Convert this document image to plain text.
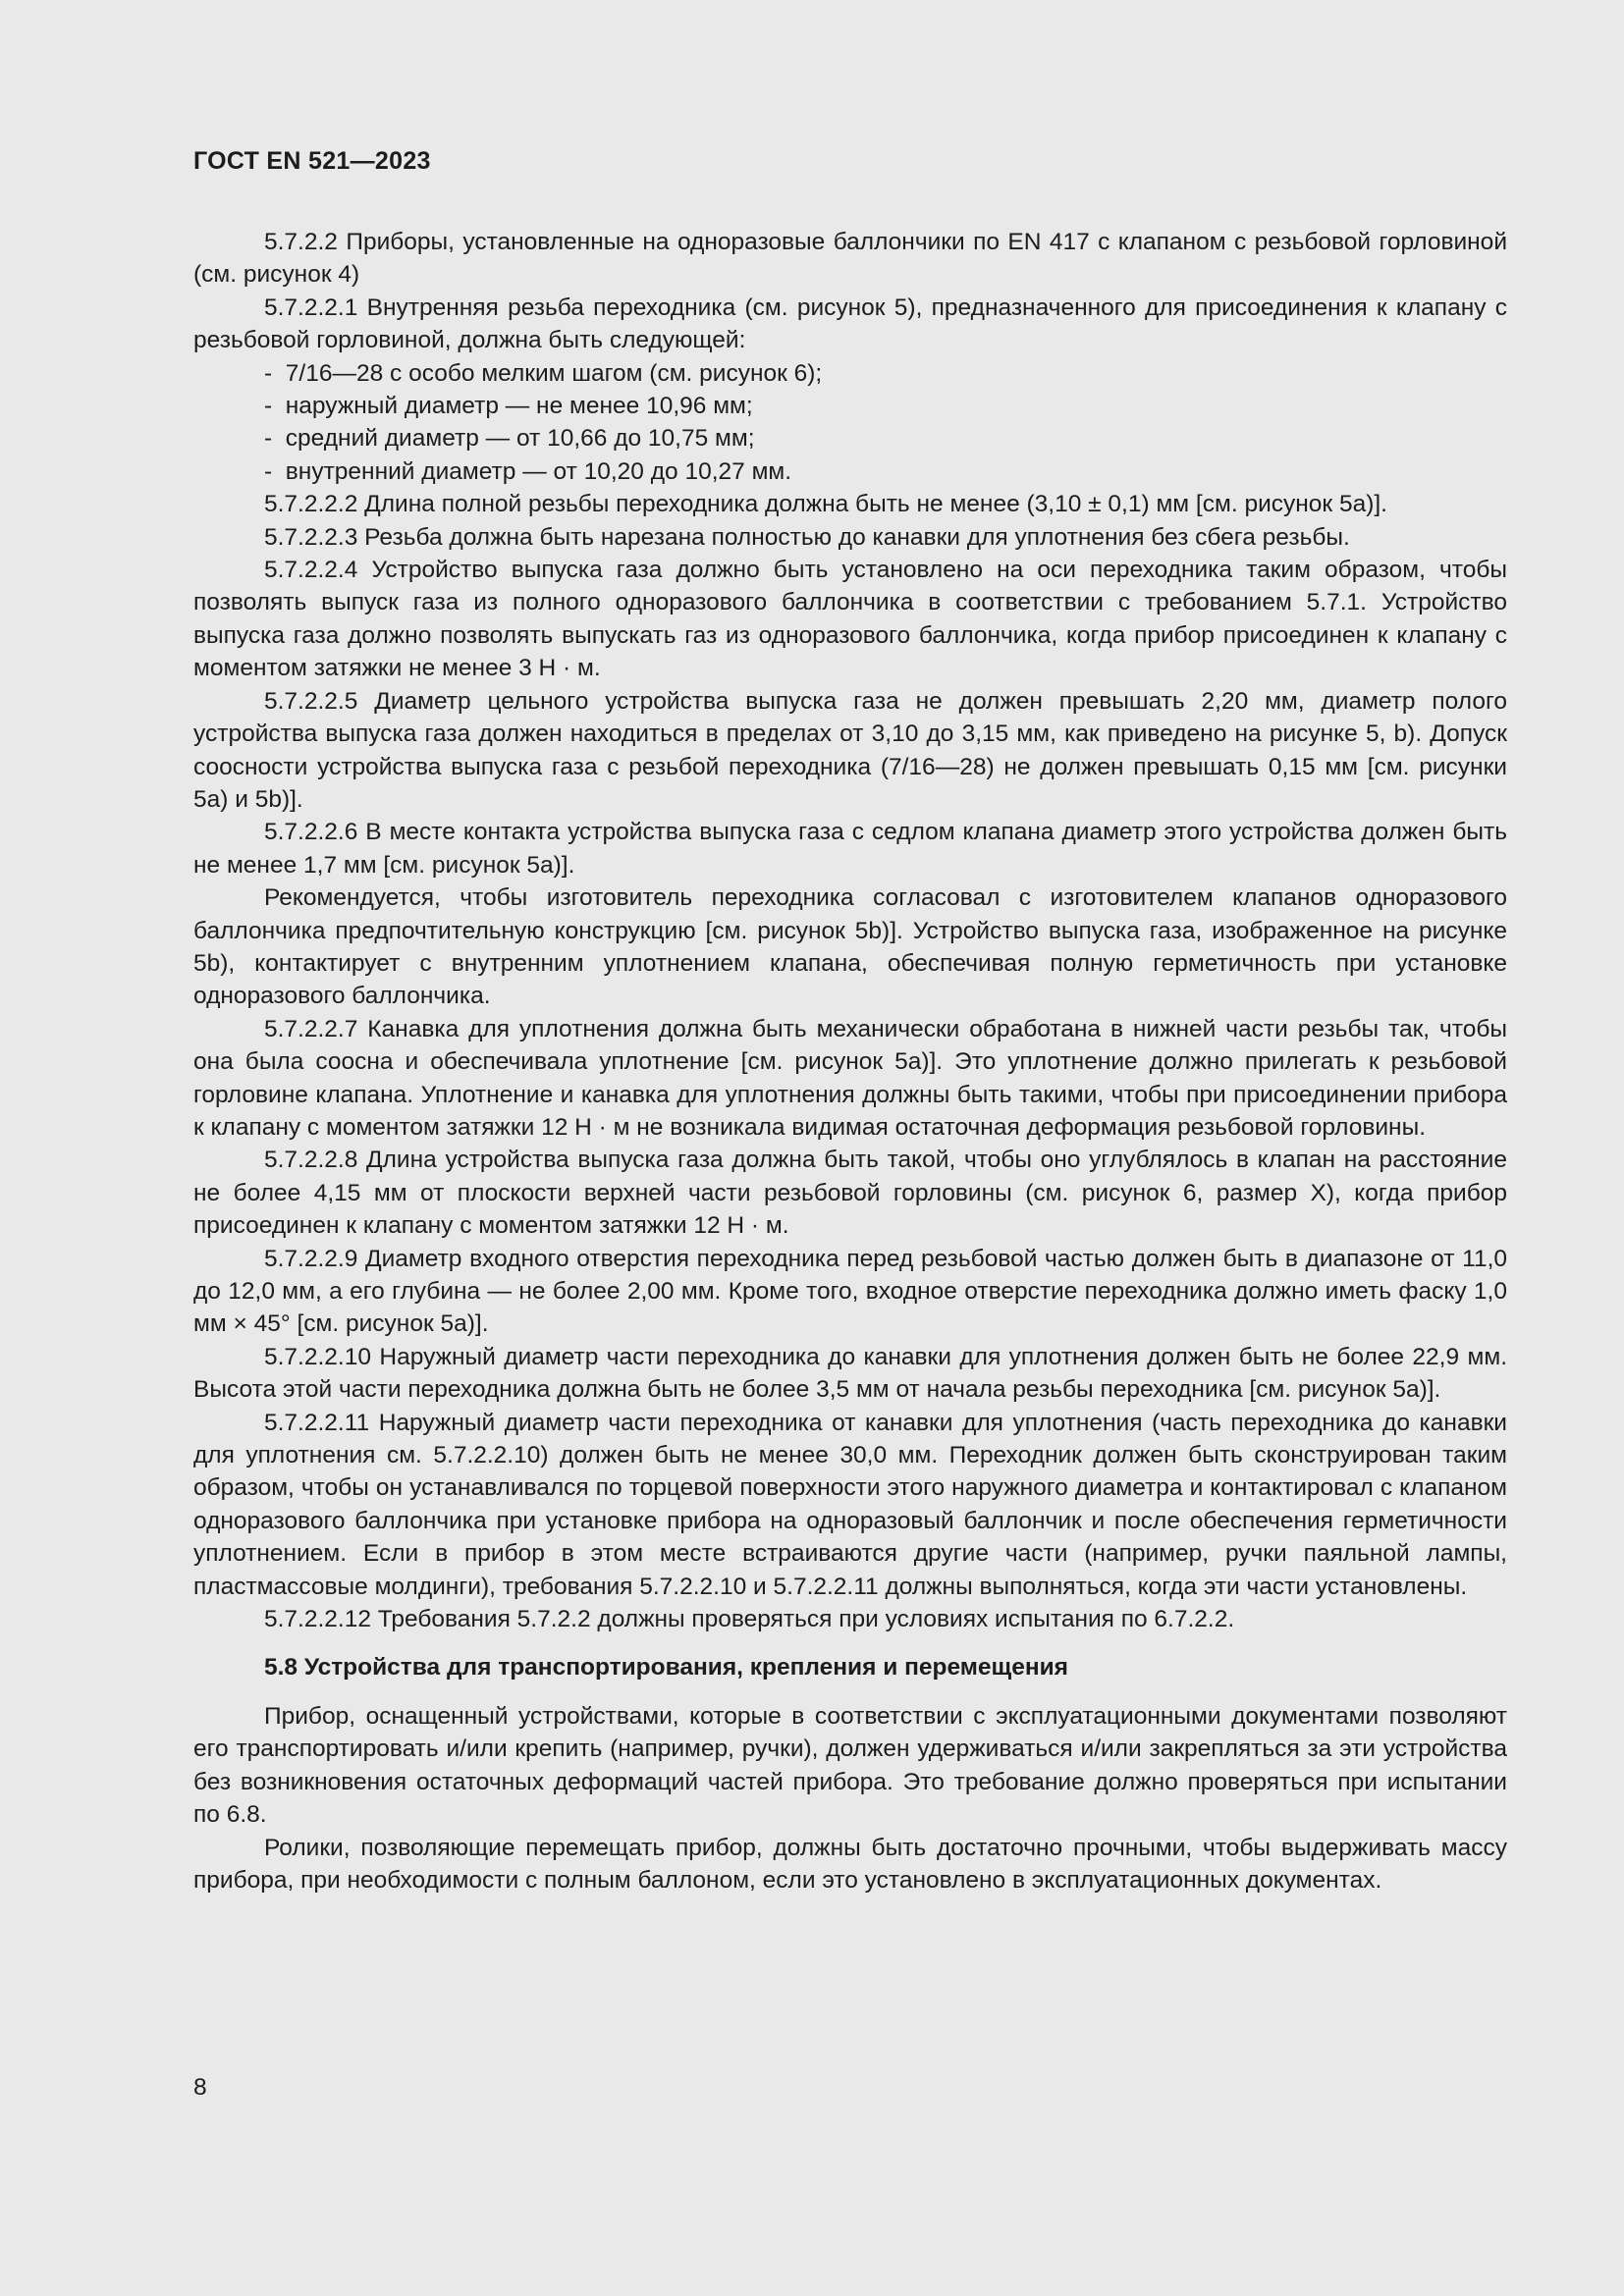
ГОСТ EN 521—2023

5.7.2.2 Приборы, установленные на одноразовые баллончики по EN 417 с клапаном с резьбовой горловиной (см. рисунок 4)

5.7.2.2.1 Внутренняя резьба переходника (см. рисунок 5), предназначенного для присоединения к клапану с резьбовой горловиной, должна быть следующей:

-  7/16—28 с особо мелким шагом (см. рисунок 6);
-  наружный диаметр — не менее 10,96 мм;
-  средний диаметр — от 10,66 до 10,75 мм;
-  внутренний диаметр — от 10,20 до 10,27 мм.

5.7.2.2.2 Длина полной резьбы переходника должна быть не менее (3,10 ± 0,1) мм [см. рисунок 5а)].

5.7.2.2.3 Резьба должна быть нарезана полностью до канавки для уплотнения без сбега резьбы.

5.7.2.2.4 Устройство выпуска газа должно быть установлено на оси переходника таким образом, чтобы позволять выпуск газа из полного одноразового баллончика в соответствии с требованием 5.7.1. Устройство выпуска газа должно позволять выпускать газ из одноразового баллончика, когда прибор присоединен к клапану с моментом затяжки не менее 3 Н · м.

5.7.2.2.5 Диаметр цельного устройства выпуска газа не должен превышать 2,20 мм, диаметр полого устройства выпуска газа должен находиться в пределах от 3,10 до 3,15 мм, как приведено на рисунке 5, b). Допуск соосности устройства выпуска газа с резьбой переходника (7/16—28) не должен превышать 0,15 мм [см. рисунки 5а) и 5b)].

5.7.2.2.6 В месте контакта устройства выпуска газа с седлом клапана диаметр этого устройства должен быть не менее 1,7 мм [см. рисунок 5а)].

Рекомендуется, чтобы изготовитель переходника согласовал с изготовителем клапанов одноразового баллончика предпочтительную конструкцию [см. рисунок 5b)]. Устройство выпуска газа, изображенное на рисунке 5b), контактирует с внутренним уплотнением клапана, обеспечивая полную герметичность при установке одноразового баллончика.

5.7.2.2.7 Канавка для уплотнения должна быть механически обработана в нижней части резьбы так, чтобы она была соосна и обеспечивала уплотнение [см. рисунок 5а)]. Это уплотнение должно прилегать к резьбовой горловине клапана. Уплотнение и канавка для уплотнения должны быть такими, чтобы при присоединении прибора к клапану с моментом затяжки 12 Н · м не возникала видимая остаточная деформация резьбовой горловины.

5.7.2.2.8 Длина устройства выпуска газа должна быть такой, чтобы оно углублялось в клапан на расстояние не более 4,15 мм от плоскости верхней части резьбовой горловины (см. рисунок 6, размер X), когда прибор присоединен к клапану с моментом затяжки 12 Н · м.

5.7.2.2.9 Диаметр входного отверстия переходника перед резьбовой частью должен быть в диапазоне от 11,0 до 12,0 мм, а его глубина — не более 2,00 мм. Кроме того, входное отверстие переходника должно иметь фаску 1,0 мм × 45° [см. рисунок 5а)].

5.7.2.2.10 Наружный диаметр части переходника до канавки для уплотнения должен быть не более 22,9 мм. Высота этой части переходника должна быть не более 3,5 мм от начала резьбы переходника [см. рисунок 5а)].

5.7.2.2.11 Наружный диаметр части переходника от канавки для уплотнения (часть переходника до канавки для уплотнения см. 5.7.2.2.10) должен быть не менее 30,0 мм. Переходник должен быть сконструирован таким образом, чтобы он устанавливался по торцевой поверхности этого наружного диаметра и контактировал с клапаном одноразового баллончика при установке прибора на одноразовый баллончик и после обеспечения герметичности уплотнением. Если в прибор в этом месте встраиваются другие части (например, ручки паяльной лампы, пластмассовые молдинги), требования 5.7.2.2.10 и 5.7.2.2.11 должны выполняться, когда эти части установлены.

5.7.2.2.12 Требования 5.7.2.2 должны проверяться при условиях испытания по 6.7.2.2.

5.8 Устройства для транспортирования, крепления и перемещения

Прибор, оснащенный устройствами, которые в соответствии с эксплуатационными документами позволяют его транспортировать и/или крепить (например, ручки), должен удерживаться и/или закрепляться за эти устройства без возникновения остаточных деформаций частей прибора. Это требование должно проверяться при испытании по 6.8.

Ролики, позволяющие перемещать прибор, должны быть достаточно прочными, чтобы выдерживать массу прибора, при необходимости с полным баллоном, если это установлено в эксплуатационных документах.

8
